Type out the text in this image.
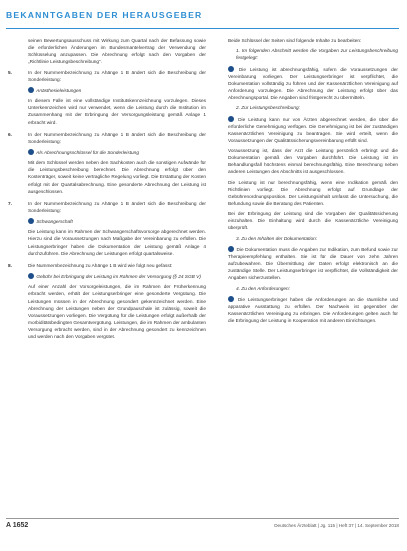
BEKANNTGABEN DER HERAUSGEBER

seinen Bewertungsausschuss mit Wirkung zum Quartal nach der Befassung sowie die erforderlichen Änderungen im Bundesmantelvertrag der Verwendung der Schlüsselung anzupassen. Die Abrechnung erfolgt nach den Vorgaben der „Richtlinie Leistungsbeschreibung“.

5.	In der Nummernbezeichnung zu Ahänge 1 B ändert sich die Beschreibung der Sonderleistung:

Anästhesieleistungen

In diesem Falle ist eine vollständige Institutskennzeichnung vorzulegen. Dieses Unterkennzeichen wird nur verwendet, wenn die Leistung durch die Institution im Zusammenhang mit der Erbringung der Versorgungsleistung gemäß Anlage 1 erbracht wird.

6.	In der Nummernbezeichnung zu Ahänge 1 B ändert sich die Beschreibung der Sonderleistung:

Als Abrechnungsschlüssel für die Sonderleistung

Mit dem Schlüssel werden neben den Sachkosten auch die sonstigen Aufwände für die Leistungsbeschreibung berechnet. Die Abrechnung erfolgt über den Kostenträger, soweit keine vertragliche Regelung vorliegt. Die Erstattung der Kosten erfolgt mit der Quartalsabrechnung. Eine gesonderte Abrechnung der Leistung ist ausgeschlossen.

7.	In der Nummernbezeichnung zu Ahänge 1 B ändert sich die Beschreibung der Sonderleistung:

Schwangerschaft

Die Leistung kann im Rahmen der Schwangerschaftsvorsorge abgerechnet werden. Hierzu sind die Voraussetzungen nach Maßgabe der Vereinbarung zu erfüllen. Die Leistungserbringer haben die Dokumentation der Leistung gemäß Anlage 4 durchzuführen. Die Abrechnung der Leistungen erfolgt quartalsweise.

8.	Die Nummernbezeichnung zu Ahänge 1 B wird wie folgt neu gefasst:

Gebühr bei Erbringung der Leistung im Rahmen der Versorgung (§ 24 SGB V)

Auf einer Anzahl der Vorsorgeleistungen, die im Rahmen der Früherkennung erbracht werden, erhält der Leistungserbringer eine gesonderte Vergütung. Die Leistungen müssen in der Abrechnung gesondert gekennzeichnet werden. Eine Abrechnung der Leistungen neben der Grundpauschale ist zulässig, soweit die Voraussetzungen vorliegen. Die Vergütung für die Leistungen erfolgt außerhalb der morbiditätsbedingten Gesamtvergütung. Leistungen, die im Rahmen der ambulanten Versorgung erbracht werden, sind in der Abrechnung gesondert zu kennzeichnen und werden nach den Vorgaben vergütet.

Beide Schlüssel der Seiten sind folgende Inhalte zu bearbeiten:

1. Im folgenden Abschnitt werden die Vorgaben zur Leistungsbeschreibung festgelegt:

Die Leistung ist abrechnungsfähig, sofern die Voraussetzungen der Vereinbarung vorliegen. Der Leistungserbringer ist verpflichtet, die Dokumentation vollständig zu führen und der Kassenärztlichen Vereinigung auf Anforderung vorzulegen. Die Abrechnung der Leistung erfolgt über das Abrechnungsportal. Die Angaben sind fristgerecht zu übermitteln.

2. Zur Leistungsbeschreibung:

Die Leistung kann nur von Ärzten abgerechnet werden, die über die erforderliche Genehmigung verfügen. Die Genehmigung ist bei der zuständigen Kassenärztlichen Vereinigung zu beantragen. Sie wird erteilt, wenn die Voraussetzungen der Qualitätssicherungsvereinbarung erfüllt sind.

Voraussetzung ist, dass der Arzt die Leistung persönlich erbringt und die Dokumentation gemäß den Vorgaben durchführt. Die Leistung ist im Behandlungsfall höchstens einmal berechnungsfähig. Eine Berechnung neben anderen Leistungen des Abschnitts ist ausgeschlossen.

Die Leistung ist nur berechnungsfähig, wenn eine Indikation gemäß den Richtlinien vorliegt. Die Abrechnung erfolgt auf Grundlage der Gebührenordnungsposition. Der Leistungsinhalt umfasst die Untersuchung, die Befundung sowie die Beratung des Patienten.

Bei der Erbringung der Leistung sind die Vorgaben der Qualitätssicherung einzuhalten. Die Einhaltung wird durch die Kassenärztliche Vereinigung überprüft.

3. Zu den Inhalten der Dokumentation:

Die Dokumentation muss die Angaben zur Indikation, zum Befund sowie zur Therapieempfehlung enthalten. Sie ist für die Dauer von zehn Jahren aufzubewahren. Die Übermittlung der Daten erfolgt elektronisch an die zuständige Stelle. Der Leistungserbringer ist verpflichtet, die Vollständigkeit der Angaben sicherzustellen.

4. Zu den Anforderungen:

Die Leistungserbringer haben die Anforderungen an die räumliche und apparative Ausstattung zu erfüllen. Der Nachweis ist gegenüber der Kassenärztlichen Vereinigung zu erbringen. Die Anforderungen gelten auch für die Erbringung der Leistung in Kooperation mit anderen Einrichtungen.

A 1652	Deutsches Ärzteblatt | Jg. 115 | Heft 37 | 14. September 2018
